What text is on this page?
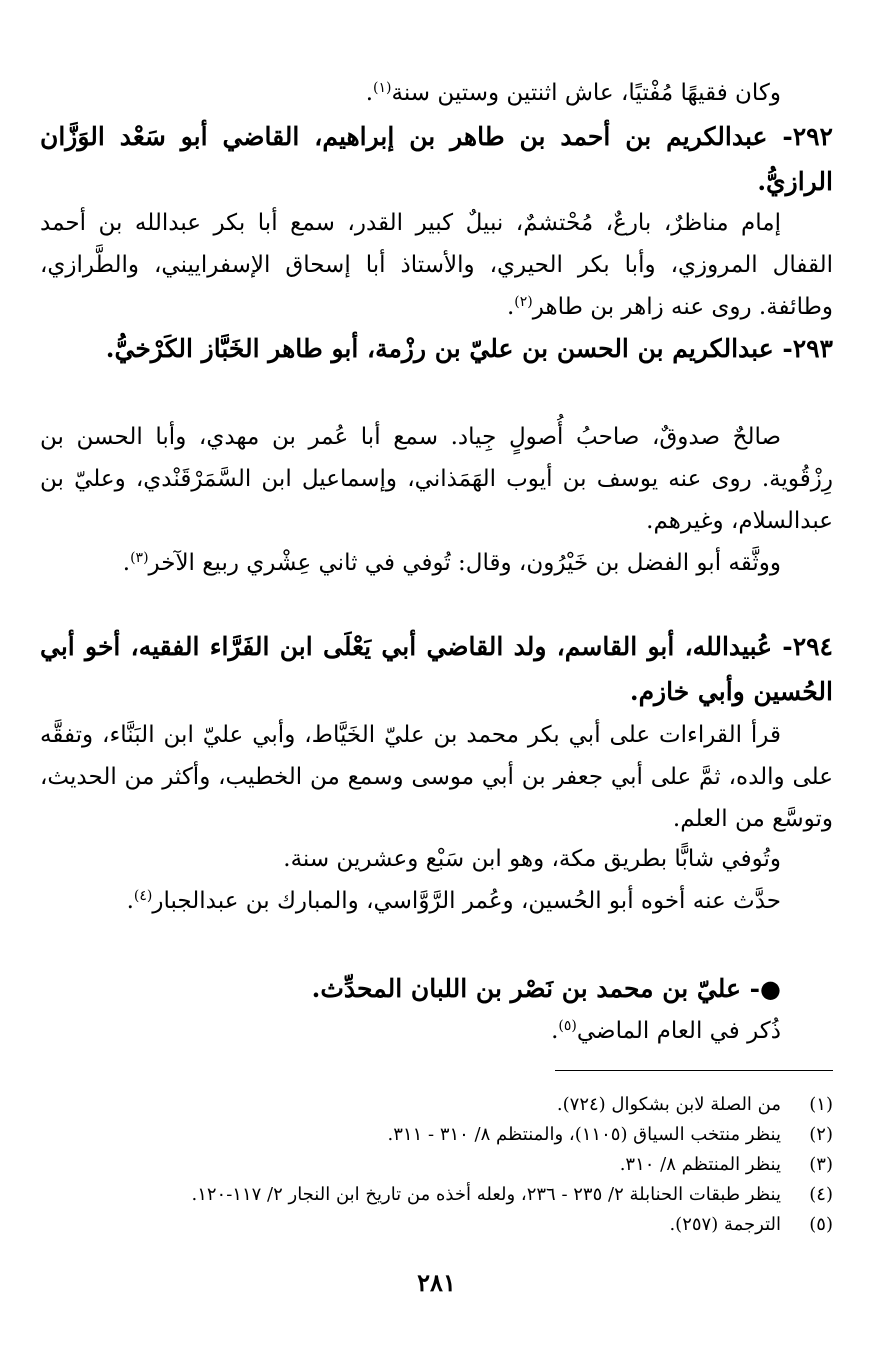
وكان فقيهًا مُفْتيًا، عاش اثنتين وستين سنة$^{(١)}$.

٢٩٢- عبدالكريم بن أحمد بن طاهر بن إبراهيم، القاضي أبو سَعْد الوَزَّان الرازيُّ.

إمام مناظرٌ، بارعٌ، مُحْتشمٌ، نبيلٌ كبير القدر، سمع أبا بكر عبدالله بن أحمد القفال المروزي، وأبا بكر الحيري، والأستاذ أبا إسحاق الإسفراييني، والطَّرازي، وطائفة. روى عنه زاهر بن طاهر$^{(٢)}$.

٢٩٣- عبدالكريم بن الحسن بن عليّ بن رزْمة، أبو طاهر الخَبَّاز الكَرْخيُّ.

صالحٌ صدوقٌ، صاحبُ أُصولٍ جِياد. سمع أبا عُمر بن مهدي، وأبا الحسن بن رِزْقُوية. روى عنه يوسف بن أيوب الهَمَذاني، وإسماعيل ابن السَّمَرْقَنْدي، وعليّ بن عبدالسلام، وغيرهم.

ووثَّقه أبو الفضل بن خَيْرُون، وقال: تُوفي في ثاني عِشْري ربيع الآخر$^{(٣)}$.

٢٩٤- عُبيدالله، أبو القاسم، ولد القاضي أبي يَعْلَى ابن الفَرَّاء الفقيه، أخو أبي الحُسين وأبي خازم.

قرأ القراءات على أبي بكر محمد بن عليّ الخَيَّاط، وأبي عليّ ابن البَنَّاء، وتفقَّه على والده، ثمَّ على أبي جعفر بن أبي موسى وسمع من الخطيب، وأكثر من الحديث، وتوسَّع من العلم.

وتُوفي شابًّا بطريق مكة، وهو ابن سَبْع وعشرين سنة.

حدَّث عنه أخوه أبو الحُسين، وعُمر الرَّوَّاسي، والمبارك بن عبدالجبار$^{(٤)}$.

●- عليّ بن محمد بن نَصْر بن اللبان المحدِّث.

ذُكر في العام الماضي$^{(٥)}$.

(١)
من الصلة لابن بشكوال (٧٢٤).
(٢)
ينظر منتخب السياق (١١٠٥)، والمنتظم ٨/ ٣١٠ - ٣١١.
(٣)
ينظر المنتظم ٨/ ٣١٠.
(٤)
ينظر طبقات الحنابلة ٢/ ٢٣٥ - ٢٣٦، ولعله أخذه من تاريخ ابن النجار ٢/ ١١٧-١٢٠.
(٥)
الترجمة (٢٥٧).
٢٨١
